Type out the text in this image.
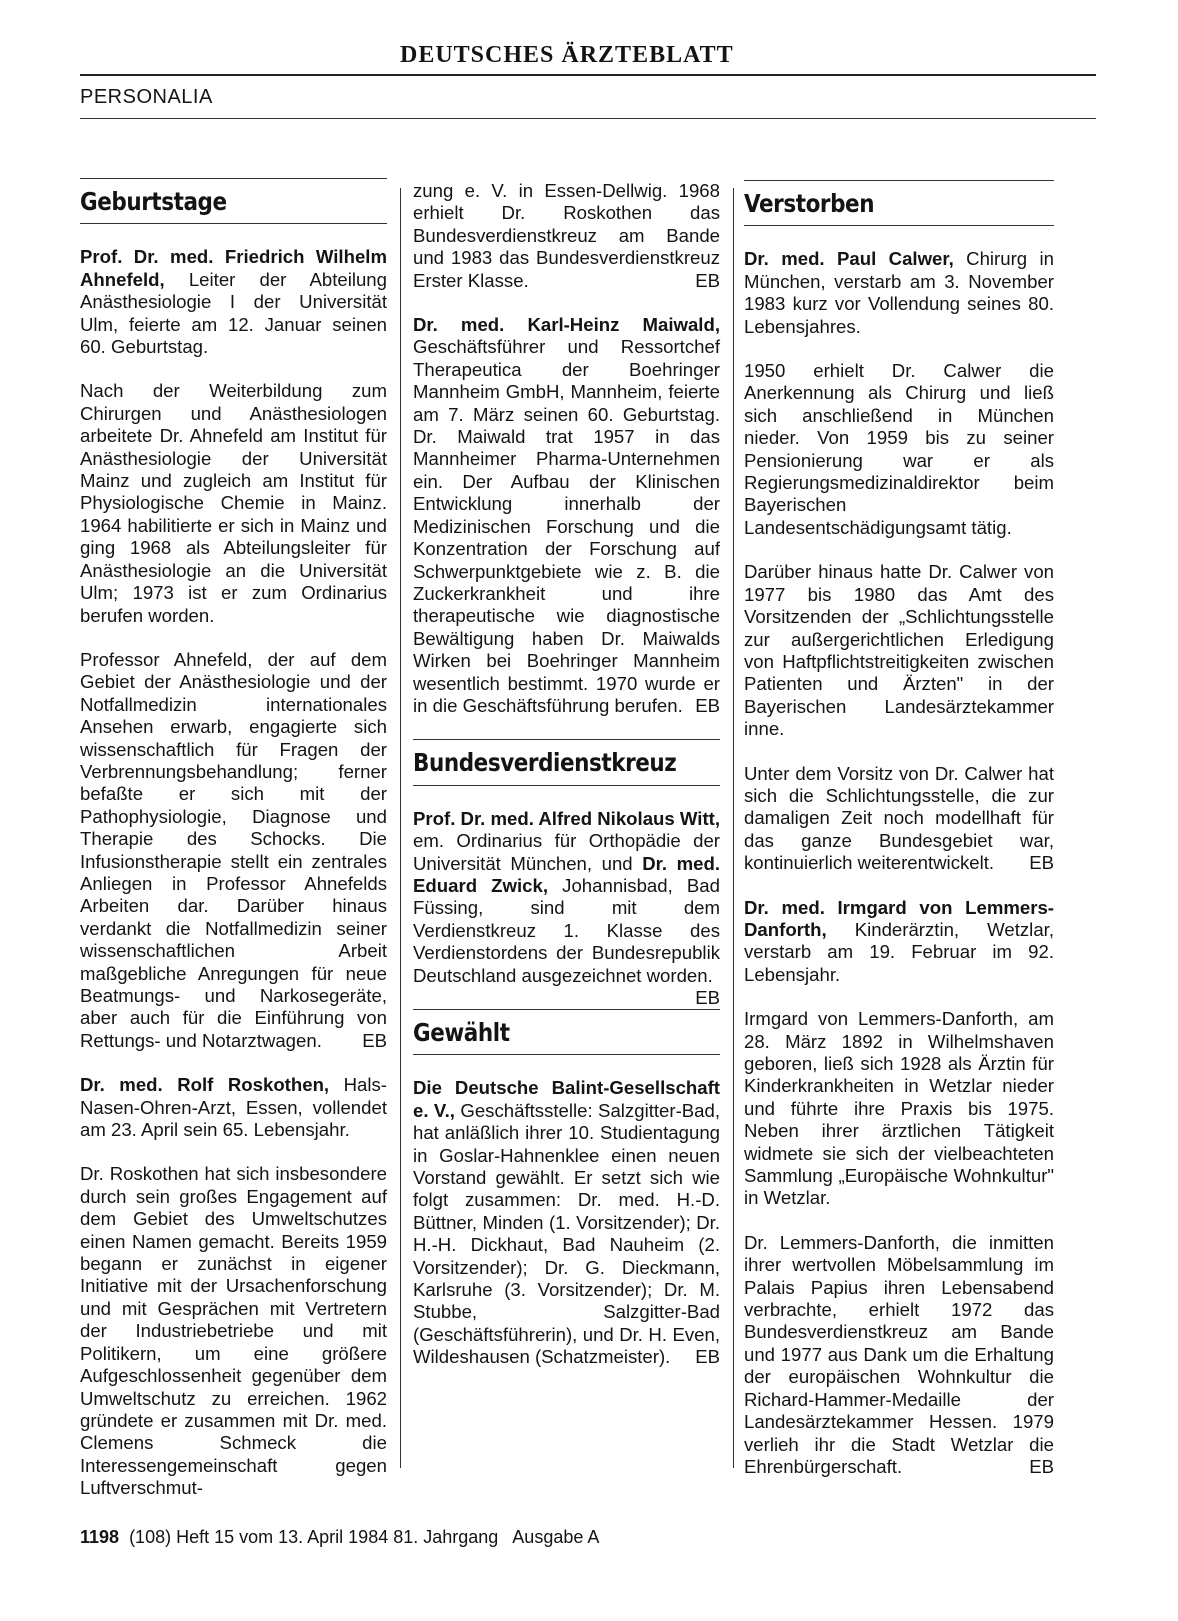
DEUTSCHES ÄRZTEBLATT
PERSONALIA
Geburtstage

Prof. Dr. med. Friedrich Wilhelm Ahnefeld, Leiter der Abteilung Anästhesiologie I der Universität Ulm, feierte am 12. Januar seinen 60. Geburtstag.

Nach der Weiterbildung zum Chirurgen und Anästhesiologen arbeitete Dr. Ahnefeld am Institut für Anästhesiologie der Universität Mainz und zugleich am Institut für Physiologische Chemie in Mainz. 1964 habilitierte er sich in Mainz und ging 1968 als Abteilungsleiter für Anästhesiologie an die Universität Ulm; 1973 ist er zum Ordinarius berufen worden.

Professor Ahnefeld, der auf dem Gebiet der Anästhesiologie und der Notfallmedizin internationales Ansehen erwarb, engagierte sich wissenschaftlich für Fragen der Verbrennungsbehandlung; ferner befaßte er sich mit der Pathophysiologie, Diagnose und Therapie des Schocks. Die Infusionstherapie stellt ein zentrales Anliegen in Professor Ahnefelds Arbeiten dar. Darüber hinaus verdankt die Notfallmedizin seiner wissenschaftlichen Arbeit maßgebliche Anregungen für neue Beatmungs- und Narkosegeräte, aber auch für die Einführung von Rettungs- und Notarztwagen. EB

Dr. med. Rolf Roskothen, Hals-Nasen-Ohren-Arzt, Essen, vollendet am 23. April sein 65. Lebensjahr.

Dr. Roskothen hat sich insbesondere durch sein großes Engagement auf dem Gebiet des Umweltschutzes einen Namen gemacht. Bereits 1959 begann er zunächst in eigener Initiative mit der Ursachenforschung und mit Gesprächen mit Vertretern der Industriebetriebe und mit Politikern, um eine größere Aufgeschlossenheit gegenüber dem Umweltschutz zu erreichen. 1962 gründete er zusammen mit Dr. med. Clemens Schmeck die Interessengemeinschaft gegen Luftverschmut-

zung e. V. in Essen-Dellwig. 1968 erhielt Dr. Roskothen das Bundesverdienstkreuz am Bande und 1983 das Bundesverdienstkreuz Erster Klasse.	EB

Dr. med. Karl-Heinz Maiwald, Geschäftsführer und Ressortchef Therapeutica der Boehringer Mannheim GmbH, Mannheim, feierte am 7. März seinen 60. Geburtstag. Dr. Maiwald trat 1957 in das Mannheimer Pharma-Unternehmen ein. Der Aufbau der Klinischen Entwicklung innerhalb der Medizinischen Forschung und die Konzentration der Forschung auf Schwerpunktgebiete wie z. B. die Zuckerkrankheit und ihre therapeutische wie diagnostische Bewältigung haben Dr. Maiwalds Wirken bei Boehringer Mannheim wesentlich bestimmt. 1970 wurde er in die Geschäftsführung berufen. EB

Bundesverdienstkreuz

Prof. Dr. med. Alfred Nikolaus Witt, em. Ordinarius für Orthopädie der Universität München, und Dr. med. Eduard Zwick, Johannisbad, Bad Füssing, sind mit dem Verdienstkreuz 1. Klasse des Verdienstordens der Bundesrepublik Deutschland ausgezeichnet worden.
EB

Gewählt

Die Deutsche Balint-Gesellschaft e. V., Geschäftsstelle: Salzgitter-Bad, hat anläßlich ihrer 10. Studientagung in Goslar-Hahnenklee einen neuen Vorstand gewählt. Er setzt sich wie folgt zusammen: Dr. med. H.-D. Büttner, Minden (1. Vorsitzender); Dr. H.-H. Dickhaut, Bad Nauheim (2. Vorsitzender); Dr. G. Dieckmann, Karlsruhe (3. Vorsitzender); Dr. M. Stubbe, Salzgitter-Bad (Geschäftsführerin), und Dr. H. Even, Wildeshausen (Schatzmeister). EB

Verstorben

Dr. med. Paul Calwer, Chirurg in München, verstarb am 3. November 1983 kurz vor Vollendung seines 80. Lebensjahres.

1950 erhielt Dr. Calwer die Anerkennung als Chirurg und ließ sich anschließend in München nieder. Von 1959 bis zu seiner Pensionierung war er als Regierungsmedizinaldirektor beim Bayerischen Landesentschädigungsamt tätig.

Darüber hinaus hatte Dr. Calwer von 1977 bis 1980 das Amt des Vorsitzenden der „Schlichtungsstelle zur außergerichtlichen Erledigung von Haftpflichtstreitigkeiten zwischen Patienten und Ärzten" in der Bayerischen Landesärztekammer inne.

Unter dem Vorsitz von Dr. Calwer hat sich die Schlichtungsstelle, die zur damaligen Zeit noch modellhaft für das ganze Bundesgebiet war, kontinuierlich weiterentwickelt. EB

Dr. med. Irmgard von Lemmers-Danforth, Kinderärztin, Wetzlar, verstarb am 19. Februar im 92. Lebensjahr.

Irmgard von Lemmers-Danforth, am 28. März 1892 in Wilhelmshaven geboren, ließ sich 1928 als Ärztin für Kinderkrankheiten in Wetzlar nieder und führte ihre Praxis bis 1975. Neben ihrer ärztlichen Tätigkeit widmete sie sich der vielbeachteten Sammlung „Europäische Wohnkultur" in Wetzlar.

Dr. Lemmers-Danforth, die inmitten ihrer wertvollen Möbelsammlung im Palais Papius ihren Lebensabend verbrachte, erhielt 1972 das Bundesverdienstkreuz am Bande und 1977 aus Dank um die Erhaltung der europäischen Wohnkultur die Richard-Hammer-Medaille der Landesärztekammer Hessen. 1979 verlieh ihr die Stadt Wetzlar die Ehrenbürgerschaft.	EB

1198  (108) Heft 15 vom 13. April 1984 81. Jahrgang   Ausgabe A
